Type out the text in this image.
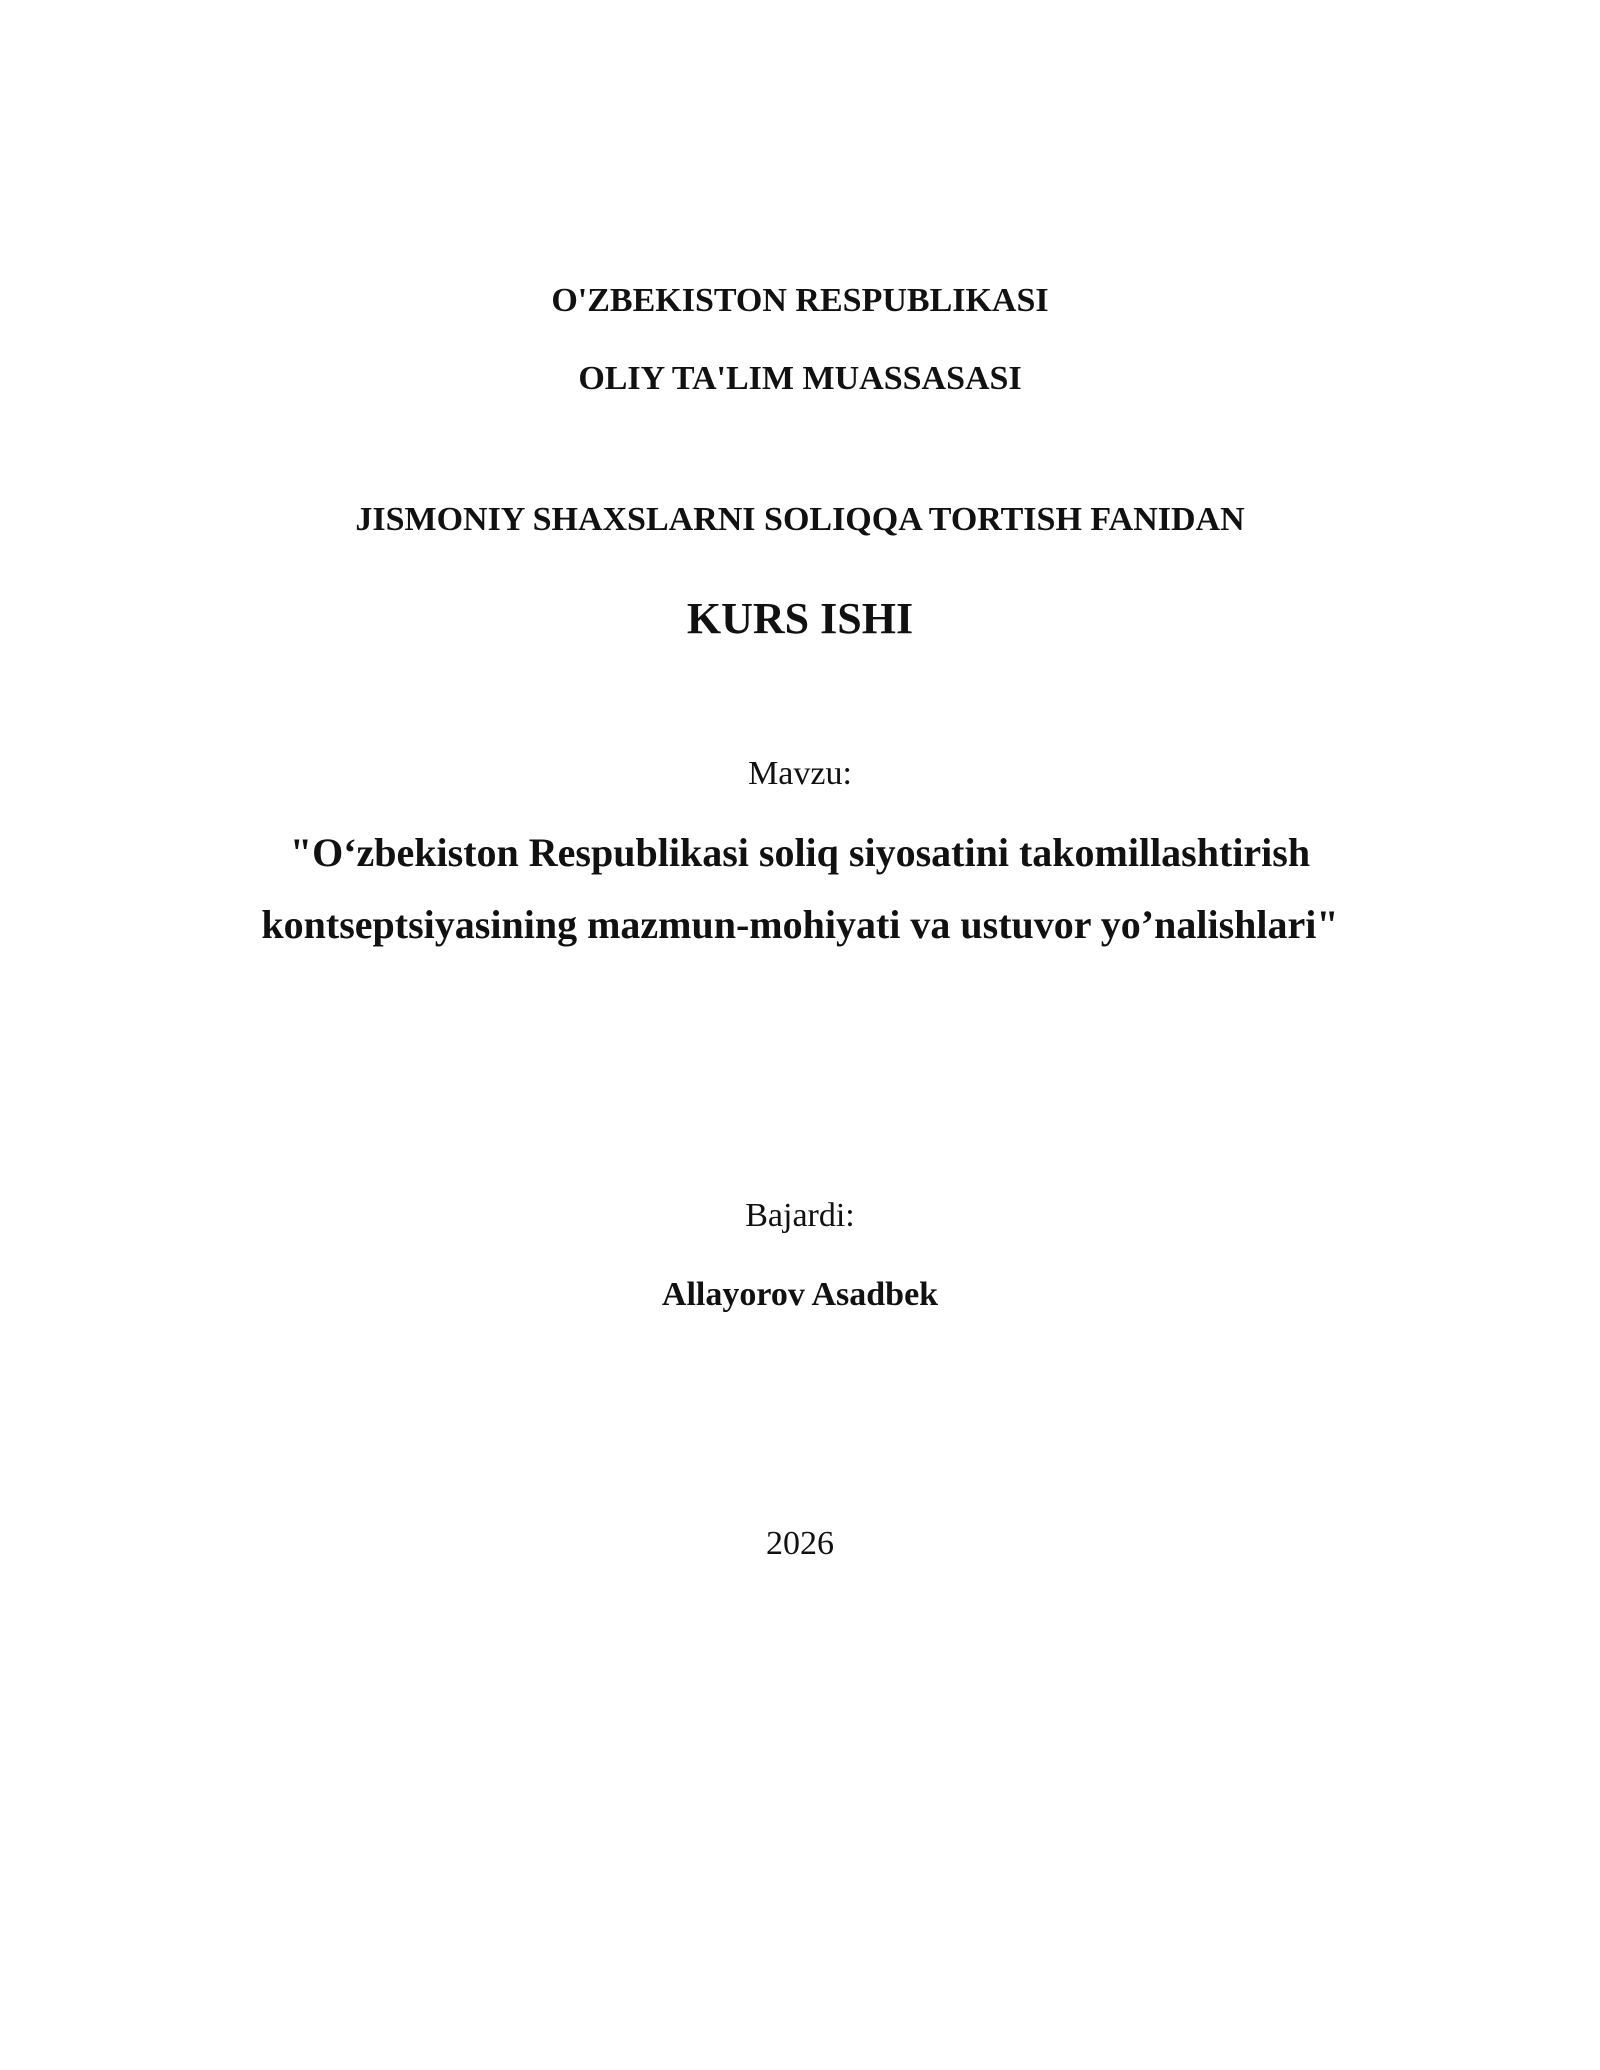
O'ZBEKISTON RESPUBLIKASI
OLIY TA'LIM MUASSASASI
JISMONIY SHAXSLARNI SOLIQQA TORTISH FANIDAN
KURS ISHI
Mavzu:
"O‘zbekiston Respublikasi soliq siyosatini takomillashtirish
kontseptsiyasining mazmun-mohiyati va ustuvor yo’nalishlari"
Bajardi:
Allayorov Asadbek
2026
